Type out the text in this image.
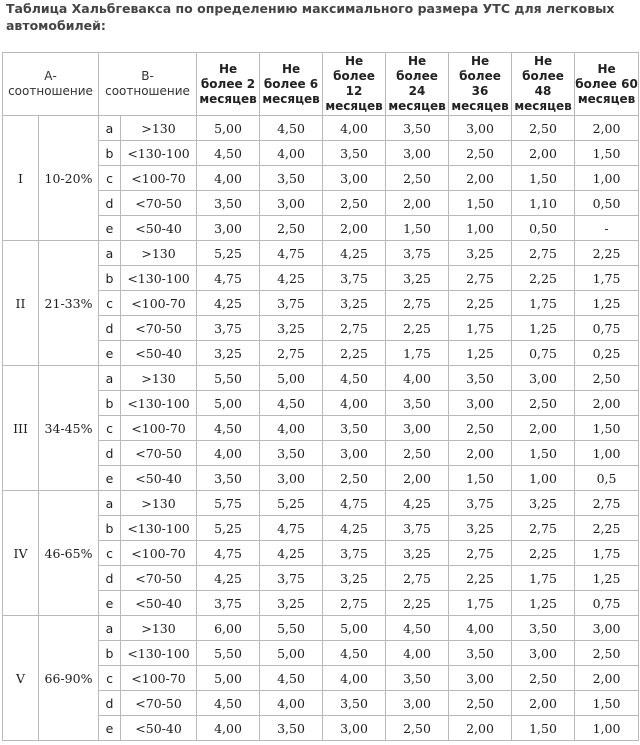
Таблица Хальбгевакса по определению максимального размера УТС для легковых автомобилей:
А-соотношение		В-соотношение		Не более 2 месяцев	Не более 6 месяцев	Не более 12 месяцев	Не более 24 месяцев	Не более 36 месяцев	Не более 48 месяцев	Не более 60 месяцев
I	10-20%	a	>130	5,00	4,50	4,00	3,50	3,00	2,50	2,00
		b	<130-100	4,50	4,00	3,50	3,00	2,50	2,00	1,50
		c	<100-70	4,00	3,50	3,00	2,50	2,00	1,50	1,00
		d	<70-50	3,50	3,00	2,50	2,00	1,50	1,10	0,50
		e	<50-40	3,00	2,50	2,00	1,50	1,00	0,50	-
II	21-33%	a	>130	5,25	4,75	4,25	3,75	3,25	2,75	2,25
		b	<130-100	4,75	4,25	3,75	3,25	2,75	2,25	1,75
		c	<100-70	4,25	3,75	3,25	2,75	2,25	1,75	1,25
		d	<70-50	3,75	3,25	2,75	2,25	1,75	1,25	0,75
		e	<50-40	3,25	2,75	2,25	1,75	1,25	0,75	0,25
III	34-45%	a	>130	5,50	5,00	4,50	4,00	3,50	3,00	2,50
		b	<130-100	5,00	4,50	4,00	3,50	3,00	2,50	2,00
		c	<100-70	4,50	4,00	3,50	3,00	2,50	2,00	1,50
		d	<70-50	4,00	3,50	3,00	2,50	2,00	1,50	1,00
		e	<50-40	3,50	3,00	2,50	2,00	1,50	1,00	0,5
IV	46-65%	a	>130	5,75	5,25	4,75	4,25	3,75	3,25	2,75
		b	<130-100	5,25	4,75	4,25	3,75	3,25	2,75	2,25
		c	<100-70	4,75	4,25	3,75	3,25	2,75	2,25	1,75
		d	<70-50	4,25	3,75	3,25	2,75	2,25	1,75	1,25
		e	<50-40	3,75	3,25	2,75	2,25	1,75	1,25	0,75
V	66-90%	a	>130	6,00	5,50	5,00	4,50	4,00	3,50	3,00
		b	<130-100	5,50	5,00	4,50	4,00	3,50	3,00	2,50
		c	<100-70	5,00	4,50	4,00	3,50	3,00	2,50	2,00
		d	<70-50	4,50	4,00	3,50	3,00	2,50	2,00	1,50
		e	<50-40	4,00	3,50	3,00	2,50	2,00	1,50	1,00
